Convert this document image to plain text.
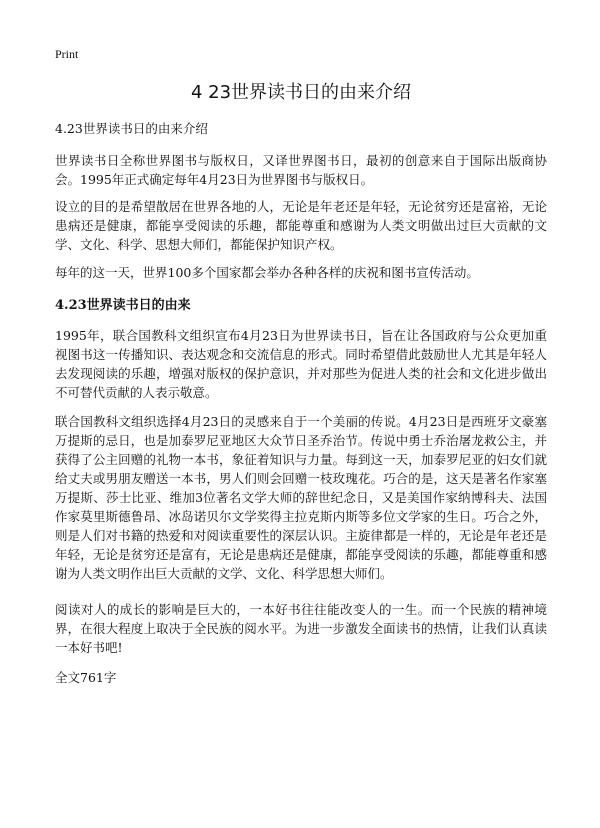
Print
4 23世界读书日的由来介绍
4.23世界读书日的由来介绍

世界读书日全称世界图书与版权日，又译世界图书日，最初的创意来自于国际出版商协会。1995年正式确定每年4月23日为世界图书与版权日。

设立的目的是希望散居在世界各地的人，无论是年老还是年轻，无论贫穷还是富裕，无论患病还是健康，都能享受阅读的乐趣，都能尊重和感谢为人类文明做出过巨大贡献的文学、文化、科学、思想大师们，都能保护知识产权。

每年的这一天，世界100多个国家都会举办各种各样的庆祝和图书宣传活动。

4.23世界读书日的由来

1995年，联合国教科文组织宣布4月23日为世界读书日，旨在让各国政府与公众更加重视图书这一传播知识、表达观念和交流信息的形式。同时希望借此鼓励世人尤其是年轻人去发现阅读的乐趣，增强对版权的保护意识，并对那些为促进人类的社会和文化进步做出不可替代贡献的人表示敬意。

联合国教科文组织选择4月23日的灵感来自于一个美丽的传说。4月23日是西班牙文豪塞万提斯的忌日，也是加泰罗尼亚地区大众节日圣乔治节。传说中勇士乔治屠龙救公主，并获得了公主回赠的礼物一本书，象征着知识与力量。每到这一天，加泰罗尼亚的妇女们就给丈夫或男朋友赠送一本书，男人们则会回赠一枝玫瑰花。巧合的是，这天是著名作家塞万提斯、莎士比亚、维加3位著名文学大师的辞世纪念日，又是美国作家纳博科夫、法国作家莫里斯德鲁昂、冰岛诺贝尔文学奖得主拉克斯内斯等多位文学家的生日。巧合之外，则是人们对书籍的热爱和对阅读重要性的深层认识。主旋律都是一样的，无论是年老还是年轻，无论是贫穷还是富有，无论是患病还是健康，都能享受阅读的乐趣，都能尊重和感谢为人类文明作出巨大贡献的文学、文化、科学思想大师们。

阅读对人的成长的影响是巨大的，一本好书往往能改变人的一生。而一个民族的精神境界，在很大程度上取决于全民族的阅水平。为进一步激发全面读书的热情，让我们认真读一本好书吧!

全文761字
